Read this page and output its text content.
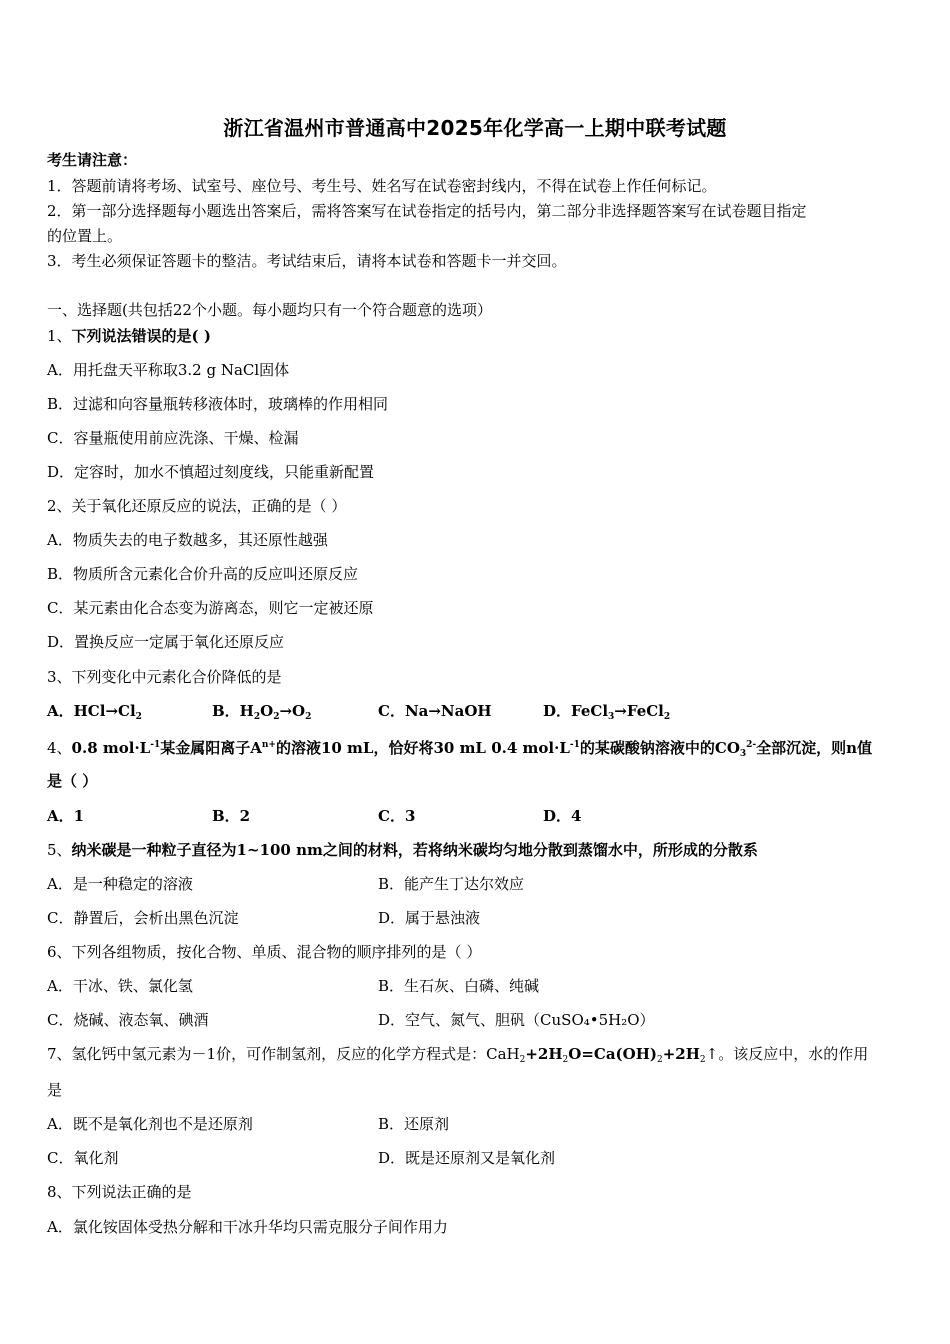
浙江省温州市普通高中2025年化学高一上期中联考试题
考生请注意：
1．答题前请将考场、试室号、座位号、考生号、姓名写在试卷密封线内，不得在试卷上作任何标记。
2．第一部分选择题每小题选出答案后，需将答案写在试卷指定的括号内，第二部分非选择题答案写在试卷题目指定
的位置上。
3．考生必须保证答题卡的整洁。考试结束后，请将本试卷和答题卡一并交回。
一、选择题(共包括22个小题。每小题均只有一个符合题意的选项）
1、下列说法错误的是( )
A．用托盘天平称取3.2 g NaCl固体
B．过滤和向容量瓶转移液体时，玻璃棒的作用相同
C．容量瓶使用前应洗涤、干燥、检漏
D．定容时，加水不慎超过刻度线，只能重新配置
2、关于氧化还原反应的说法，正确的是（ ）
A．物质失去的电子数越多，其还原性越强
B．物质所含元素化合价升高的反应叫还原反应
C．某元素由化合态变为游离态，则它一定被还原
D．置换反应一定属于氧化还原反应
3、下列变化中元素化合价降低的是
A．$HCl\to Cl_2$	B．$H_2O_2\to O_2$	C．Na→NaOH	D．FeCl$_3$→FeCl$_2$
4、0.8 $mol\cdot L^{-1}$某金属阳离子$A^{n+}$的溶液10 mL，恰好将30 mL 0.4 $mol\cdot L^{-1}$的某碳酸钠溶液中的$CO_3^{2-}$全部沉淀，则n值
是（ ）
A．1	B．2	C．3	D．4
5、纳米碳是一种粒子直径为1~100 nm之间的材料，若将纳米碳均匀地分散到蒸馏水中，所形成的分散系
A．是一种稳定的溶液	B．能产生丁达尔效应
C．静置后，会析出黑色沉淀	D．属于悬浊液
6、下列各组物质，按化合物、单质、混合物的顺序排列的是（ ）
A．干冰、铁、氯化氢	B．生石灰、白磷、纯碱
C．烧碱、液态氧、碘酒	D．空气、氮气、胆矾（CuSO₄•5H₂O）
7、氢化钙中氢元素为－1价，可作制氢剂，反应的化学方程式是：$CaH_2+2H_2O=Ca(OH)_2+2H_2↑$。该反应中，水的作用
是
A．既不是氧化剂也不是还原剂	B．还原剂
C．氧化剂	D．既是还原剂又是氧化剂
8、下列说法正确的是
A．氯化铵固体受热分解和干冰升华均只需克服分子间作用力
